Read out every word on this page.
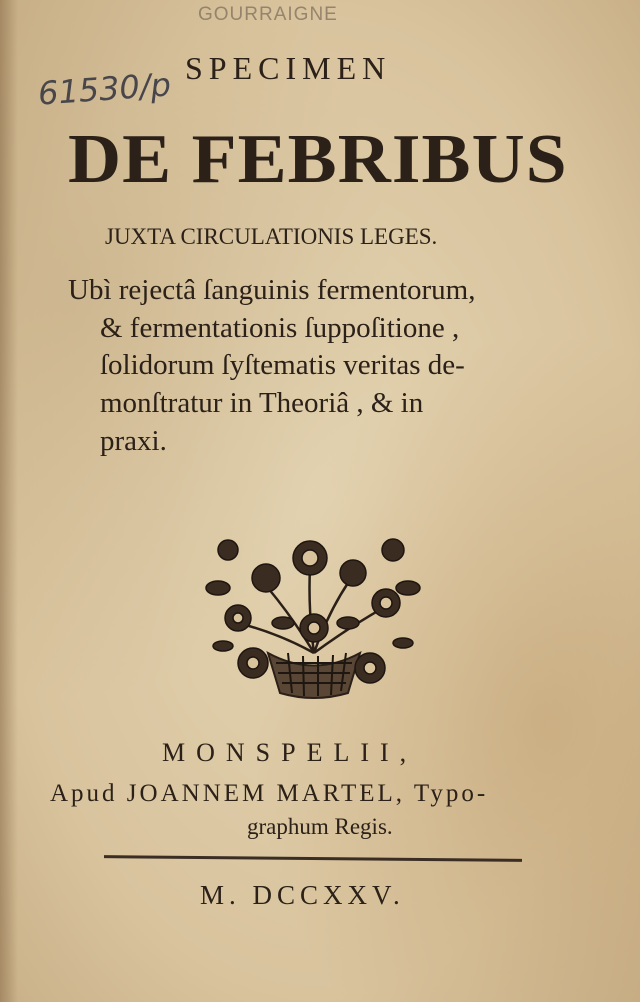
GOURRAIGNE
61530/p SPECIMEN
DE FEBRIBUS
JUXTA CIRCULATIONIS LEGES.
Ubì rejectâ ſanguinis fermentorum,
& fermentationis ſuppoſitione ,
ſolidorum ſyſtematis veritas de-
monſtratur in Theoriâ , & in
praxi.
MONSPELII,
Apud JOANNEM MARTEL, Typo-
graphum Regis.
M. DCCXXV.
